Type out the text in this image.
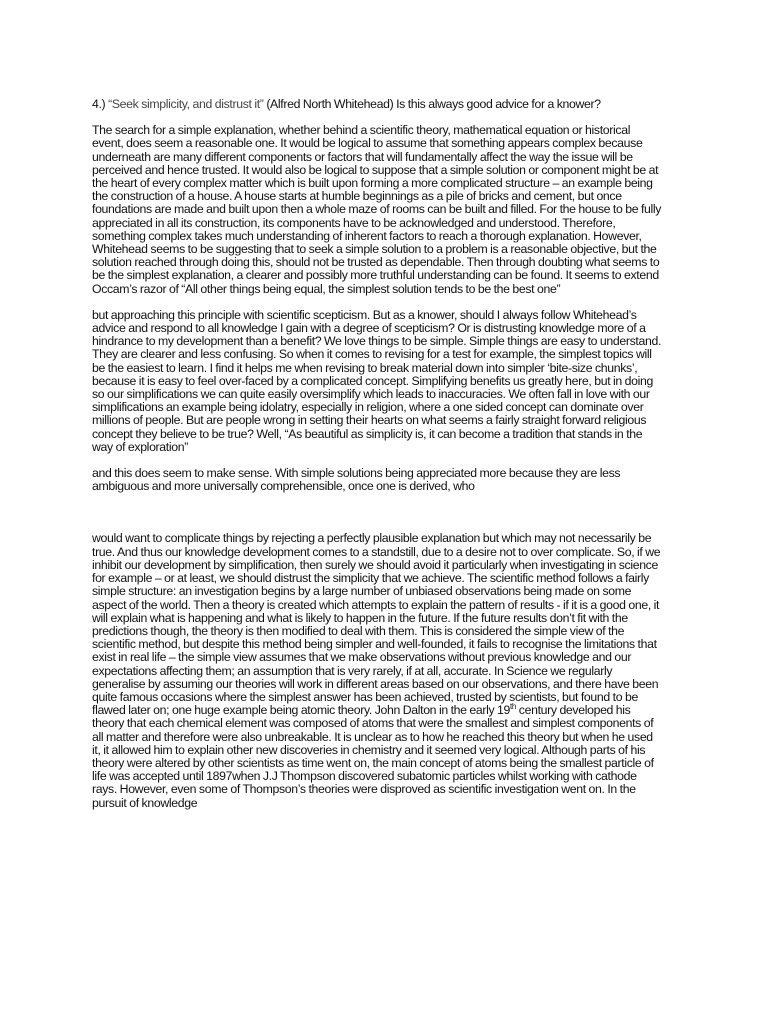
4.) “Seek simplicity, and distrust it” (Alfred North Whitehead) Is this always good advice for a knower?

The search for a simple explanation, whether behind a scientific theory, mathematical equation or historical event, does seem a reasonable one. It would be logical to assume that something appears complex because underneath are many different components or factors that will fundamentally affect the way the issue will be perceived and hence trusted. It would also be logical to suppose that a simple solution or component might be at the heart of every complex matter which is built upon forming a more complicated structure – an example being the construction of a house. A house starts at humble beginnings as a pile of bricks and cement, but once foundations are made and built upon then a whole maze of rooms can be built and filled. For the house to be fully appreciated in all its construction, its components have to be acknowledged and understood. Therefore, something complex takes much understanding of inherent factors to reach a thorough explanation. However, Whitehead seems to be suggesting that to seek a simple solution to a problem is a reasonable objective, but the solution reached through doing this, should not be trusted as dependable. Then through doubting what seems to be the simplest explanation, a clearer and possibly more truthful understanding can be found. It seems to extend Occam’s razor of “All other things being equal, the simplest solution tends to be the best one”

but approaching this principle with scientific scepticism. But as a knower, should I always follow Whitehead’s advice and respond to all knowledge I gain with a degree of scepticism? Or is distrusting knowledge more of a hindrance to my development than a benefit? We love things to be simple. Simple things are easy to understand. They are clearer and less confusing. So when it comes to revising for a test for example, the simplest topics will be the easiest to learn. I find it helps me when revising to break material down into simpler ‘bite-size chunks’, because it is easy to feel over-faced by a complicated concept. Simplifying benefits us greatly here, but in doing so our simplifications we can quite easily oversimplify which leads to inaccuracies. We often fall in love with our simplifications an example being idolatry, especially in religion, where a one sided concept can dominate over millions of people. But are people wrong in setting their hearts on what seems a fairly straight forward religious concept they believe to be true? Well, “As beautiful as simplicity is, it can become a tradition that stands in the way of exploration”

and this does seem to make sense. With simple solutions being appreciated more because they are less ambiguous and more universally comprehensible, once one is derived, who

would want to complicate things by rejecting a perfectly plausible explanation but which may not necessarily be true. And thus our knowledge development comes to a standstill, due to a desire not to over complicate. So, if we inhibit our development by simplification, then surely we should avoid it particularly when investigating in science for example – or at least, we should distrust the simplicity that we achieve. The scientific method follows a fairly simple structure: an investigation begins by a large number of unbiased observations being made on some aspect of the world. Then a theory is created which attempts to explain the pattern of results - if it is a good one, it will explain what is happening and what is likely to happen in the future. If the future results don’t fit with the predictions though, the theory is then modified to deal with them. This is considered the simple view of the scientific method, but despite this method being simpler and well-founded, it fails to recognise the limitations that exist in real life – the simple view assumes that we make observations without previous knowledge and our expectations affecting them; an assumption that is very rarely, if at all, accurate. In Science we regularly generalise by assuming our theories will work in different areas based on our observations, and there have been quite famous occasions where the simplest answer has been achieved, trusted by scientists, but found to be flawed later on; one huge example being atomic theory. John Dalton in the early 19th century developed his theory that each chemical element was composed of atoms that were the smallest and simplest components of all matter and therefore were also unbreakable. It is unclear as to how he reached this theory but when he used it, it allowed him to explain other new discoveries in chemistry and it seemed very logical. Although parts of his theory were altered by other scientists as time went on, the main concept of atoms being the smallest particle of life was accepted until 1897when J.J Thompson discovered subatomic particles whilst working with cathode rays. However, even some of Thompson’s theories were disproved as scientific investigation went on. In the pursuit of knowledge
